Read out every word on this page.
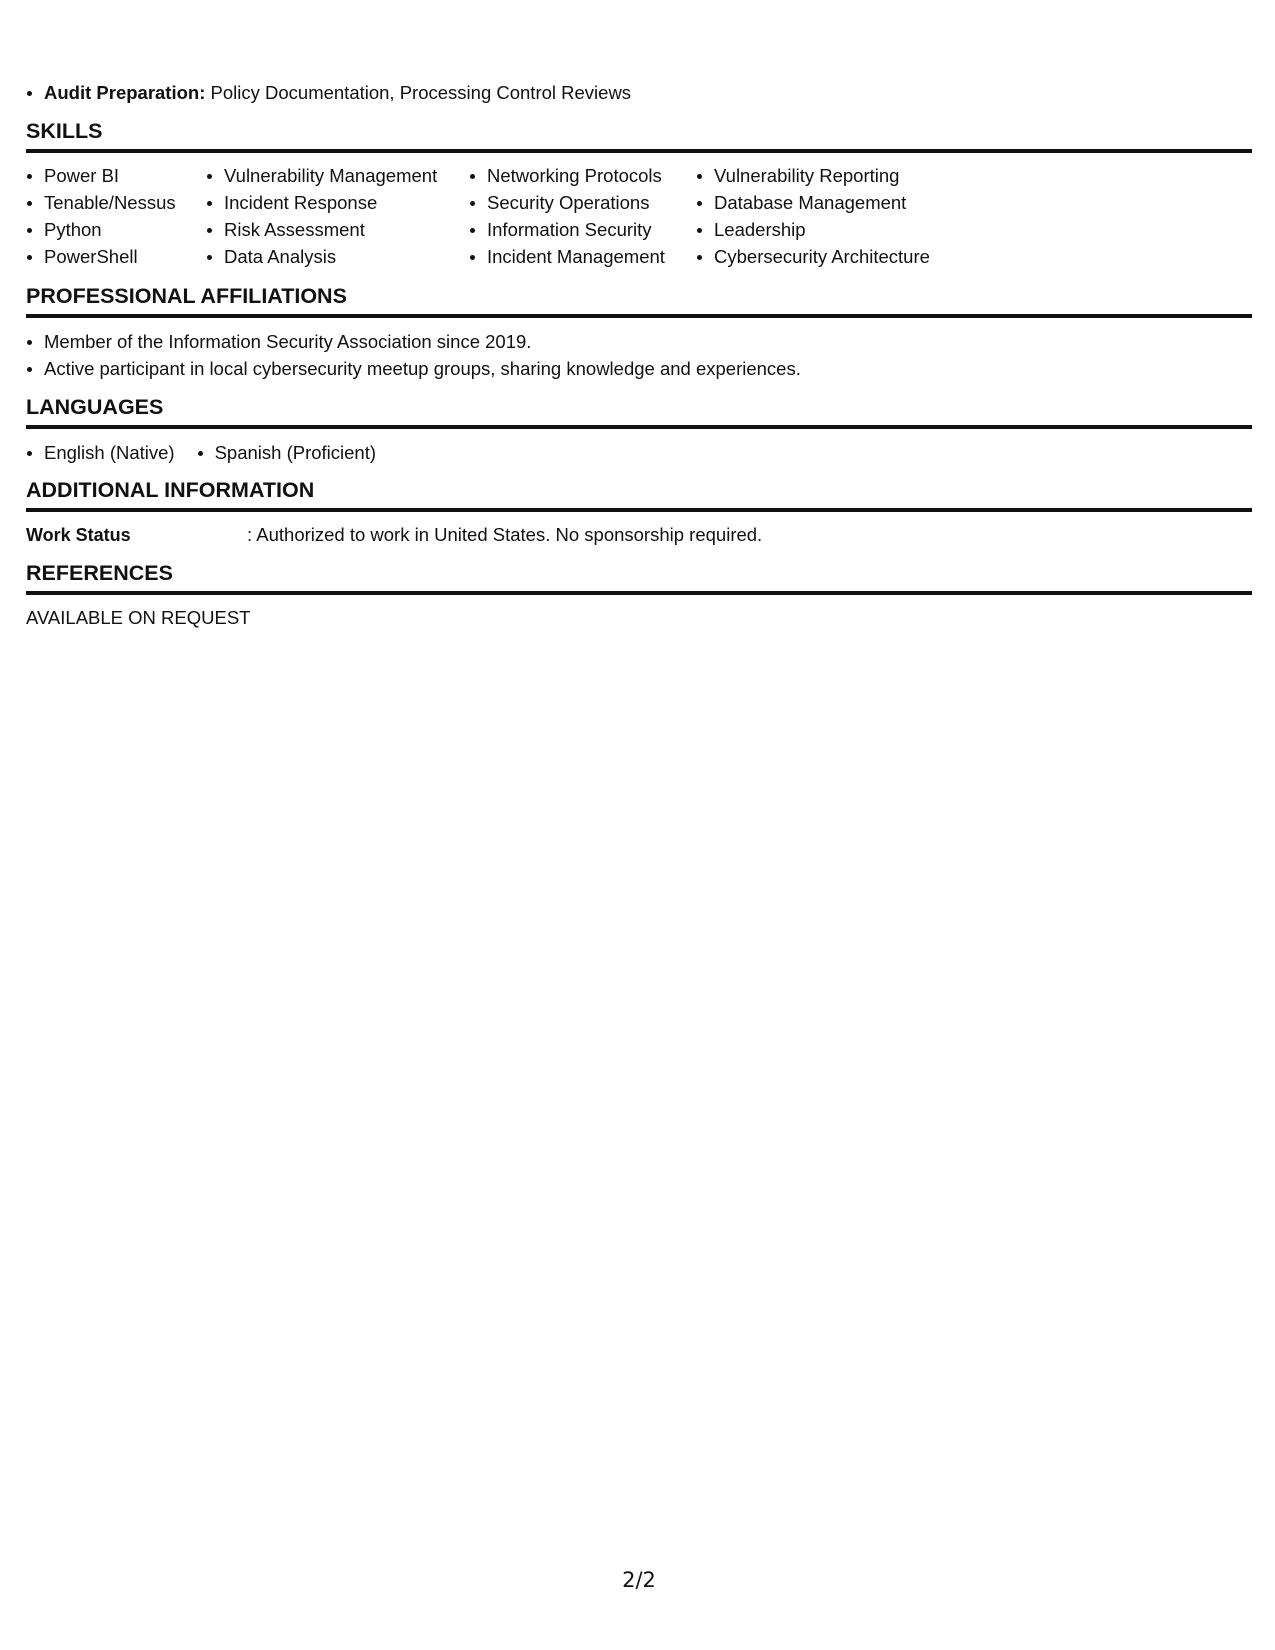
Audit Preparation: Policy Documentation, Processing Control Reviews
SKILLS
Power BI
Tenable/Nessus
Python
PowerShell
Vulnerability Management
Incident Response
Risk Assessment
Data Analysis
Networking Protocols
Security Operations
Information Security
Incident Management
Vulnerability Reporting
Database Management
Leadership
Cybersecurity Architecture
PROFESSIONAL AFFILIATIONS
Member of the Information Security Association since 2019.
Active participant in local cybersecurity meetup groups, sharing knowledge and experiences.
LANGUAGES
English (Native)	Spanish (Proficient)
ADDITIONAL INFORMATION
Work Status	: Authorized to work in United States. No sponsorship required.
REFERENCES
AVAILABLE ON REQUEST
2/2
